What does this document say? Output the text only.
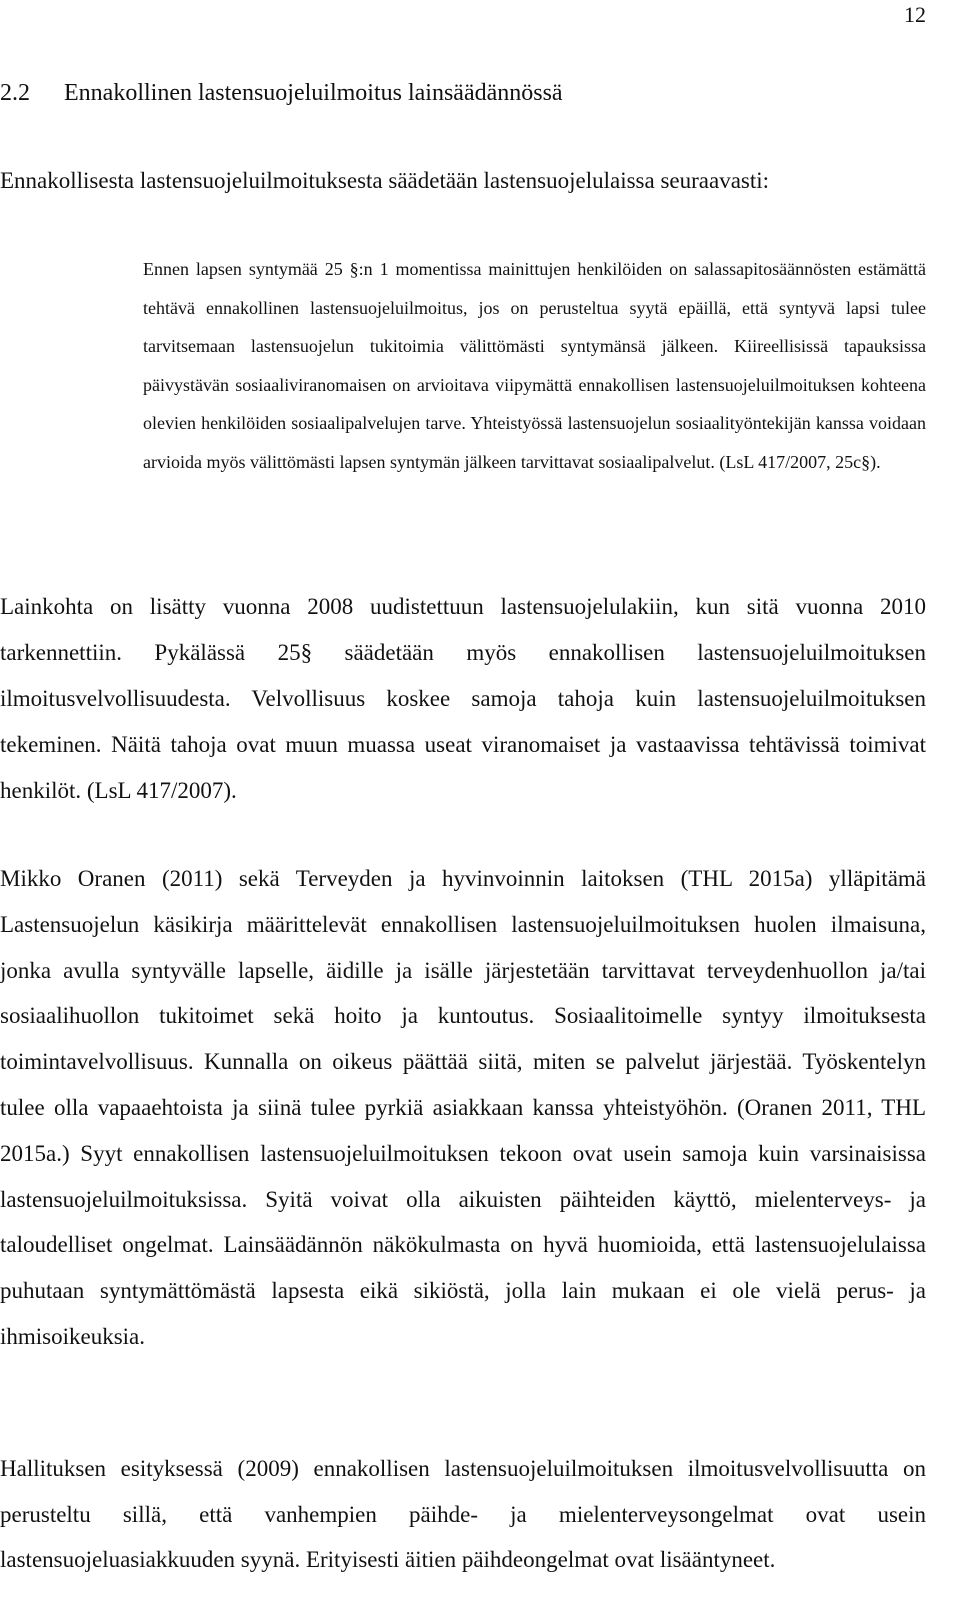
12
2.2 Ennakollinen lastensuojeluilmoitus lainsäädännössä
Ennakollisesta lastensuojeluilmoituksesta säädetään lastensuojelulaissa seuraavasti:
Ennen lapsen syntymää 25 §:n 1 momentissa mainittujen henkilöiden on salassapitosäännösten estämättä tehtävä ennakollinen lastensuojeluilmoitus, jos on perusteltua syytä epäillä, että syntyvä lapsi tulee tarvitsemaan lastensuojelun tukitoimia välittömästi syntymänsä jälkeen. Kiireellisissä tapauksissa päivystävän sosiaaliviranomaisen on arvioitava viipymättä ennakollisen lastensuojeluilmoituksen kohteena olevien henkilöiden sosiaalipalvelujen tarve. Yhteistyössä lastensuojelun sosiaalityöntekijän kanssa voidaan arvioida myös välittömästi lapsen syntymän jälkeen tarvittavat sosiaalipalvelut. (LsL 417/2007, 25c§).
Lainkohta on lisätty vuonna 2008 uudistettuun lastensuojelulakiin, kun sitä vuonna 2010 tarkennettiin. Pykälässä 25§ säädetään myös ennakollisen lastensuojeluilmoituksen ilmoitusvelvollisuudesta. Velvollisuus koskee samoja tahoja kuin lastensuojeluilmoituksen tekeminen. Näitä tahoja ovat muun muassa useat viranomaiset ja vastaavissa tehtävissä toimivat henkilöt. (LsL 417/2007).
Mikko Oranen (2011) sekä Terveyden ja hyvinvoinnin laitoksen (THL 2015a) ylläpitämä Lastensuojelun käsikirja määrittelevät ennakollisen lastensuojeluilmoituksen huolen ilmaisuna, jonka avulla syntyvälle lapselle, äidille ja isälle järjestetään tarvittavat terveydenhuollon ja/tai sosiaalihuollon tukitoimet sekä hoito ja kuntoutus. Sosiaalitoimelle syntyy ilmoituksesta toimintavelvollisuus. Kunnalla on oikeus päättää siitä, miten se palvelut järjestää. Työskentelyn tulee olla vapaaehtoista ja siinä tulee pyrkiä asiakkaan kanssa yhteistyöhön. (Oranen 2011, THL 2015a.) Syyt ennakollisen lastensuojeluilmoituksen tekoon ovat usein samoja kuin varsinaisissa lastensuojeluilmoituksissa. Syitä voivat olla aikuisten päihteiden käyttö, mielenterveys- ja taloudelliset ongelmat. Lainsäädännön näkökulmasta on hyvä huomioida, että lastensuojelulaissa puhutaan syntymättömästä lapsesta eikä sikiöstä, jolla lain mukaan ei ole vielä perus- ja ihmisoikeuksia.
Hallituksen esityksessä (2009) ennakollisen lastensuojeluilmoituksen ilmoitusvelvollisuutta on perusteltu sillä, että vanhempien päihde- ja mielenterveysongelmat ovat usein lastensuojeluasiakkuuden syynä. Erityisesti äitien päihdeongelmat ovat lisääntyneet.
